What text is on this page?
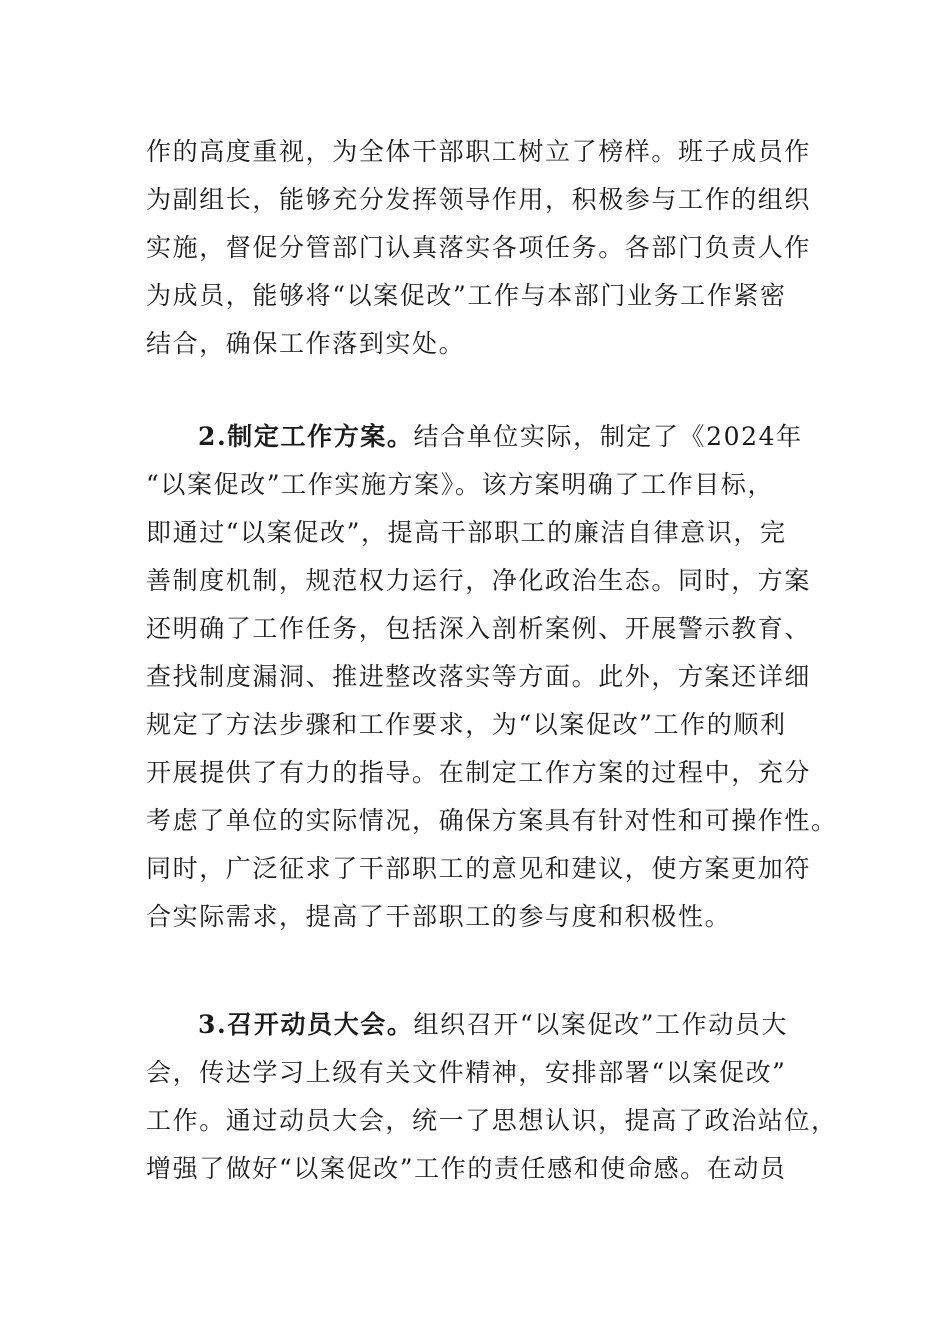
作的高度重视，为全体干部职工树立了榜样。班子成员作
为副组长，能够充分发挥领导作用，积极参与工作的组织
实施，督促分管部门认真落实各项任务。各部门负责人作
为成员，能够将“以案促改”工作与本部门业务工作紧密
结合，确保工作落到实处。
2.制定工作方案。结合单位实际，制定了《2024年
“以案促改”工作实施方案》。该方案明确了工作目标，
即通过“以案促改”，提高干部职工的廉洁自律意识，完
善制度机制，规范权力运行，净化政治生态。同时，方案
还明确了工作任务，包括深入剖析案例、开展警示教育、
查找制度漏洞、推进整改落实等方面。此外，方案还详细
规定了方法步骤和工作要求，为“以案促改”工作的顺利
开展提供了有力的指导。在制定工作方案的过程中，充分
考虑了单位的实际情况，确保方案具有针对性和可操作性。
同时，广泛征求了干部职工的意见和建议，使方案更加符
合实际需求，提高了干部职工的参与度和积极性。
3.召开动员大会。组织召开“以案促改”工作动员大
会，传达学习上级有关文件精神，安排部署“以案促改”
工作。通过动员大会，统一了思想认识，提高了政治站位，
增强了做好“以案促改”工作的责任感和使命感。在动员
